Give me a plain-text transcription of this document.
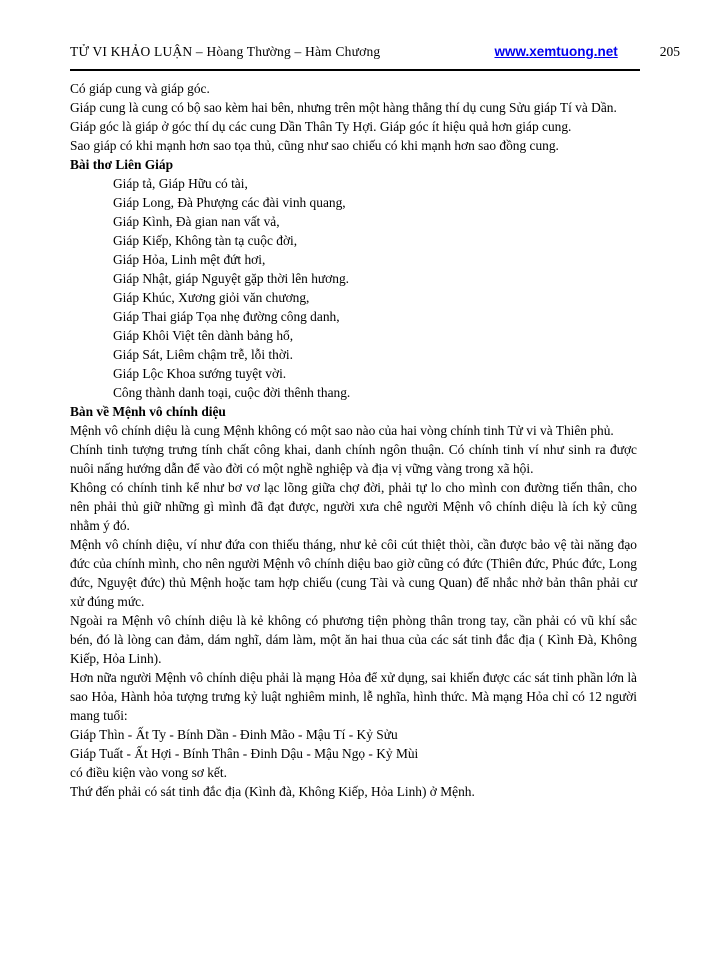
TỬ VI KHẢO LUẬN – Hòang Thường – Hàm Chương	www.xemtuong.net	205

Có giáp cung và giáp góc.

Giáp cung là cung có bộ sao kèm hai bên, nhưng trên một hàng thẳng thí dụ cung Sửu giáp Tí và Dần.

Giáp góc là giáp ở góc thí dụ các cung Dần Thân Ty Hợi. Giáp góc ít hiệu quả hơn giáp cung.

Sao giáp có khi mạnh hơn sao tọa thủ, cũng như sao chiếu có khi mạnh hơn sao đồng cung.

Bài thơ Liên Giáp

Giáp tả, Giáp Hữu có tài,

Giáp Long, Đà Phượng các đài vinh quang,

Giáp Kình, Đà gian nan vất vả,

Giáp Kiếp, Không tàn tạ cuộc đời,

Giáp Hỏa, Linh mệt đứt hơi,

Giáp Nhật, giáp Nguyệt gặp thời lên hương.

Giáp Khúc, Xương giỏi văn chương,

Giáp Thai giáp Tọa nhẹ đường công danh,

Giáp Khôi Việt tên dành bảng hổ,

Giáp Sát, Liêm chậm trễ, lỗi thời.

Giáp Lộc Khoa sướng tuyệt vời.

Công thành danh toại, cuộc đời thênh thang.

Bàn về Mệnh vô chính diệu

Mệnh vô chính diệu là cung Mệnh không có một sao nào của hai vòng chính tinh Tử vi và Thiên phủ.

Chính tinh tượng trưng tính chất công khai, danh chính ngôn thuận. Có chính tinh ví như sinh ra được nuôi nấng hướng dẫn để vào đời có một nghề nghiệp và địa vị vững vàng trong xã hội.

Không có chính tinh kể như bơ vơ lạc lõng giữa chợ đời, phải tự lo cho mình con đường tiến thân, cho nên phải thủ giữ những gì mình đã đạt được, người xưa chê người Mệnh vô chính diệu là ích kỷ cũng nhằm ý đó.

Mệnh vô chính diệu, ví như đứa con thiếu tháng, như kẻ côi cút thiệt thòi, cần được bảo vệ tài năng đạo đức của chính mình, cho nên người Mệnh vô chính diệu bao giờ cũng có đức (Thiên đức, Phúc đức, Long đức, Nguyệt đức) thủ Mệnh hoặc tam hợp chiếu (cung Tài và cung Quan) để nhắc nhở bản thân phải cư xử đúng mức.

Ngoài ra Mệnh vô chính diệu là kẻ không có phương tiện phòng thân trong tay, cần phải có vũ khí sắc bén, đó là lòng can đảm, dám nghĩ, dám làm, một ăn hai thua của các sát tinh đắc địa ( Kình Đà, Không Kiếp, Hỏa Linh).

Hơn nữa người Mệnh vô chính diệu phải là mạng Hỏa để xử dụng, sai khiến được các sát tinh phần lớn là sao Hỏa, Hành hỏa tượng trưng kỷ luật nghiêm minh, lễ nghĩa, hình thức. Mà mạng Hỏa chỉ có 12 người mang tuổi:

Giáp Thìn - Ất Ty - Bính Dần - Đinh Mão - Mậu Tí - Kỷ Sửu

Giáp Tuất - Ất Hợi - Bính Thân - Đinh Dậu - Mậu Ngọ - Kỷ Mùi

có điều kiện vào vong sơ kết.

Thứ đến phải có sát tinh đắc địa (Kình đà, Không Kiếp, Hỏa Linh) ở Mệnh.
